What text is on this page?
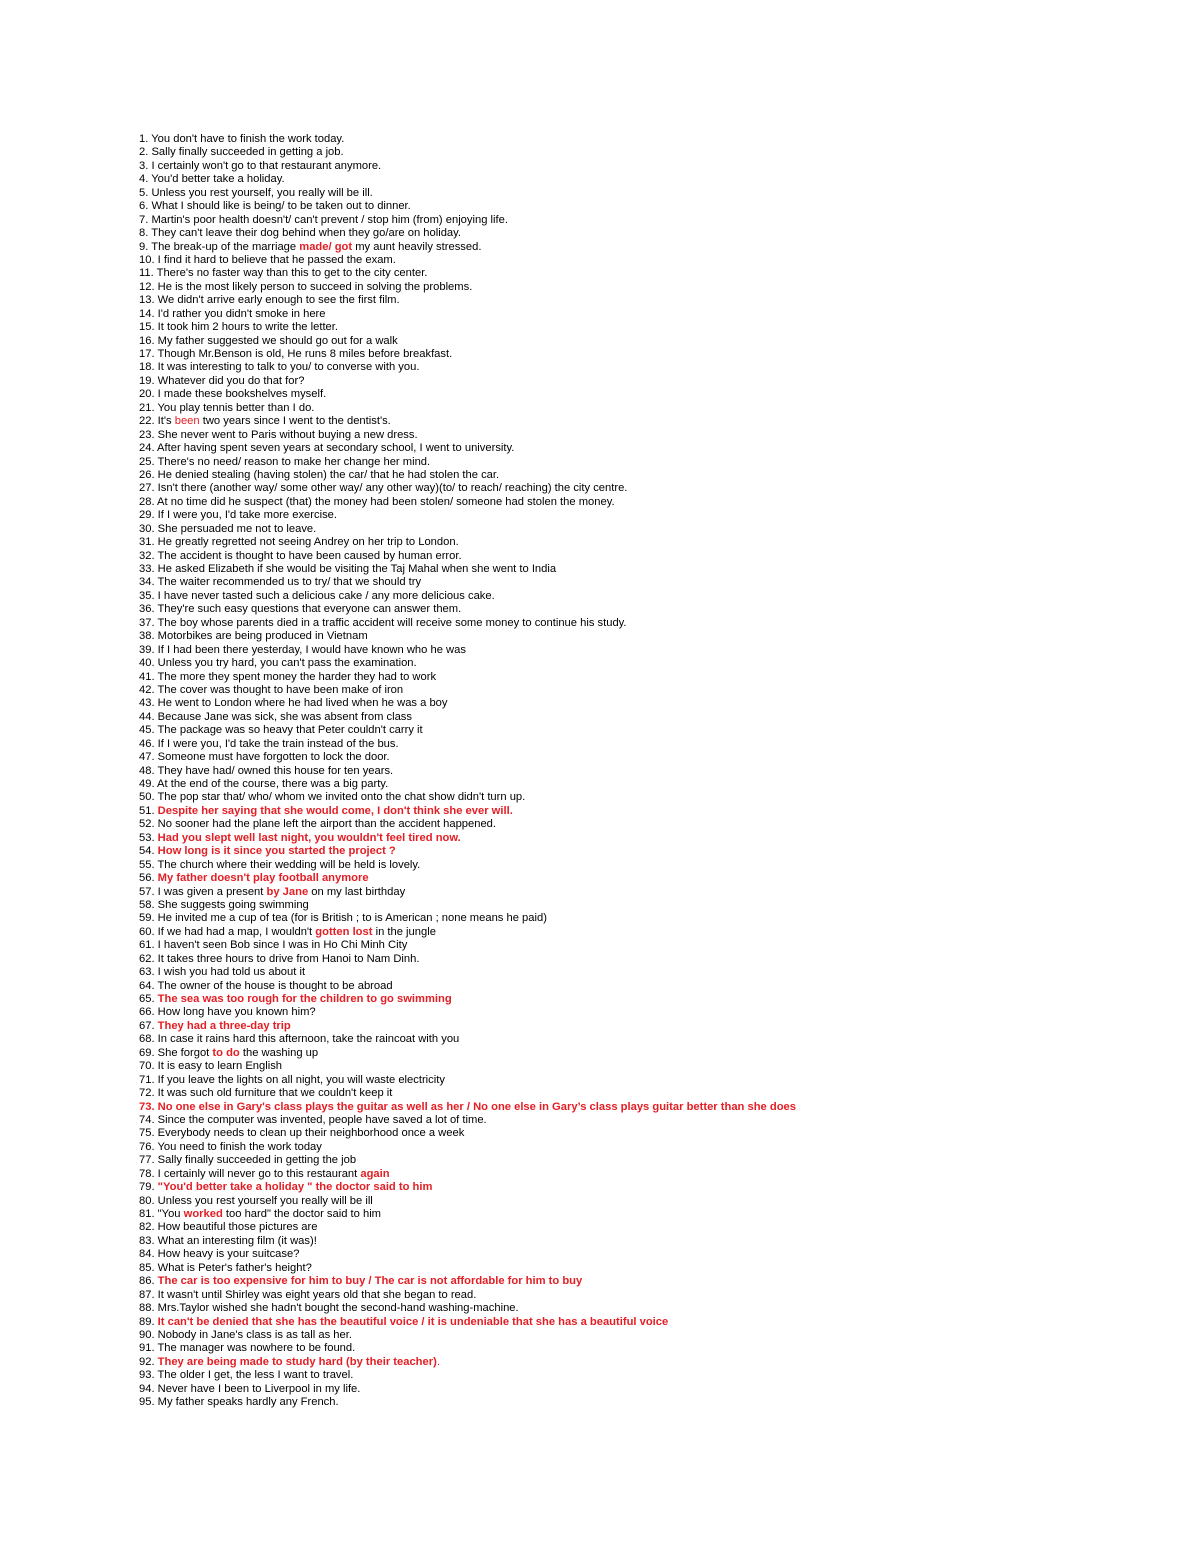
1. You don't have to finish the work today.
2. Sally finally succeeded in getting a job.
3. I certainly won't go to that restaurant anymore.
4. You'd better take a holiday.
5. Unless you rest yourself, you really will be ill.
6. What I should like is being/ to be taken out to dinner.
7. Martin's poor health doesn't/ can't prevent / stop him (from) enjoying life.
8. They can't leave their dog behind when they go/are on holiday.
9. The break-up of the marriage made/ got my aunt heavily stressed.
10. I find it hard to believe that he passed the exam.
11. There's no faster way than this to get to the city center.
12. He is the most likely person to succeed in solving the problems.
13. We didn't arrive early enough to see the first film.
14. I'd rather you didn't smoke in here
15. It took him 2 hours to write the letter.
16. My father suggested we should go out for a walk
17. Though Mr.Benson is old, He runs 8 miles before breakfast.
18. It was interesting to talk to you/ to converse with you.
19. Whatever did you do that for?
20. I made these bookshelves myself.
21. You play tennis better than I do.
22. It's been two years since I went to the dentist's.
23. She never went to Paris without buying a new dress.
24. After having spent seven years at secondary school, I went to university.
25. There's no need/ reason to make her change her mind.
26. He denied stealing (having stolen) the car/ that he had stolen the car.
27. Isn't there (another way/ some other way/ any other way)(to/ to reach/ reaching) the city centre.
28. At no time did he suspect (that) the money had been stolen/ someone had stolen the money.
29. If I were you, I'd take more exercise.
30. She persuaded me not to leave.
31. He greatly regretted not seeing Andrey on her trip to London.
32. The accident is thought to have been caused by human error.
33. He asked Elizabeth if she would be visiting the Taj Mahal when she went to India
34. The waiter recommended us to try/ that we should try
35. I have never tasted such a delicious cake / any more delicious cake.
36. They're such easy questions that everyone can answer them.
37. The boy whose parents died in a traffic accident will receive some money to continue his study.
38. Motorbikes are being produced in Vietnam
39. If I had been there yesterday, I would have known who he was
40. Unless you try hard, you can't pass the examination.
41. The more they spent money the harder they had to work
42. The cover was thought to have been make of iron
43. He went to London where he had lived when he was a boy
44. Because Jane was sick, she was absent from class
45. The package was so heavy that Peter couldn't carry it
46. If I were you, I'd take the train instead of the bus.
47. Someone must have forgotten to lock the door.
48. They have had/ owned this house for ten years.
49. At the end of the course, there was a big party.
50. The pop star that/ who/ whom we invited onto the chat show didn't turn up.
51. Despite her saying that she would come, I don't think she ever will.
52. No sooner had the plane left the airport than the accident happened.
53. Had you slept well last night, you wouldn't feel tired now.
54. How long is it since you started the project ?
55. The church where their wedding will be held is lovely.
56. My father doesn't play football anymore
57. I was given a present by Jane on my last birthday
58. She suggests going swimming
59. He invited me a cup of tea (for is British ; to is American ; none means he paid)
60. If we had had a map, I wouldn't gotten lost in the jungle
61. I haven't seen Bob since I was in Ho Chi Minh City
62. It takes three hours to drive from Hanoi to Nam Dinh.
63. I wish you had told us about it
64. The owner of the house is thought to be abroad
65. The sea was too rough for the children to go swimming
66. How long have you known him?
67. They had a three-day trip
68. In case it rains hard this afternoon, take the raincoat with you
69. She forgot to do the washing up
70. It is easy to learn English
71. If you leave the lights on all night, you will waste electricity
72. It was such old furniture that we couldn't keep it
73. No one else in Gary's class plays the guitar as well as her / No one else in Gary’s class plays guitar better than she does
74. Since the computer was invented, people have saved a lot of time.
75. Everybody needs to clean up their neighborhood once a week
76. You need to finish the work today
77. Sally finally succeeded in getting the job
78. I certainly will never go to this restaurant again
79. "You'd better take a holiday " the doctor said to him
80. Unless you rest yourself you really will be ill
81. "You worked too hard" the doctor said to him
82. How beautiful those pictures are
83. What an interesting film (it was)!
84. How heavy is your suitcase?
85. What is Peter's father's height?
86. The car is too expensive for him to buy / The car is not affordable for him to buy
87. It wasn't until Shirley was eight years old that she began to read.
88. Mrs.Taylor wished she hadn't bought the second-hand washing-machine.
89. It can't be denied that she has the beautiful voice / it is undeniable that she has a beautiful voice
90. Nobody in Jane's class is as tall as her.
91. The manager was nowhere to be found.
92. They are being made to study hard (by their teacher).
93. The older I get, the less I want to travel.
94. Never have I been to Liverpool in my life.
95. My father speaks hardly any French.
